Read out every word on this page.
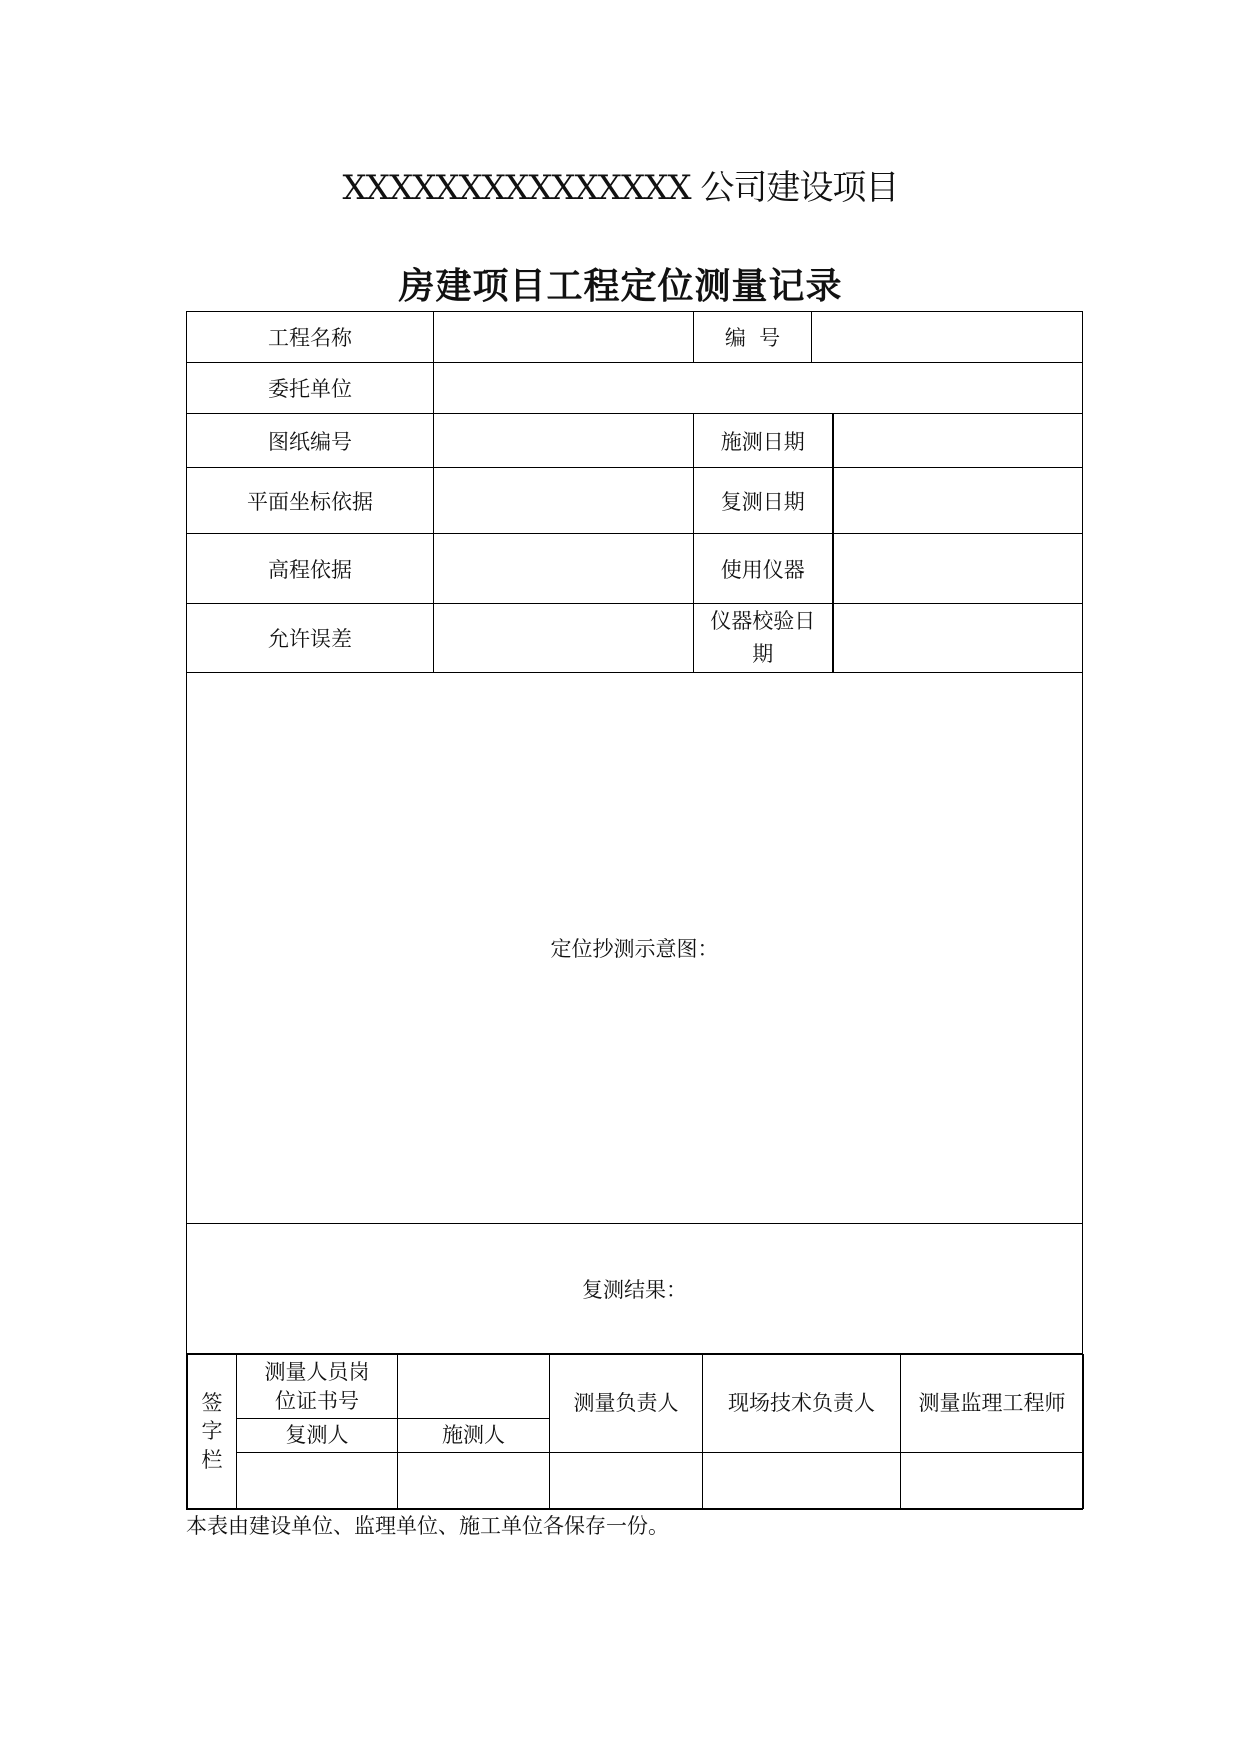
XXXXXXXXXXXXXXX 公司建设项目
房建项目工程定位测量记录
工程名称		编  号	
委托单位	
图纸编号		施测日期	
平面坐标依据		复测日期	
高程依据		使用仪器	
允许误差		仪器校验日期	
定位抄测示意图：
复测结果：

签字栏	测量人员岗位证书号		测量负责人	现场技术负责人	测量监理工程师
复测人	施测人

本表由建设单位、监理单位、施工单位各保存一份。
